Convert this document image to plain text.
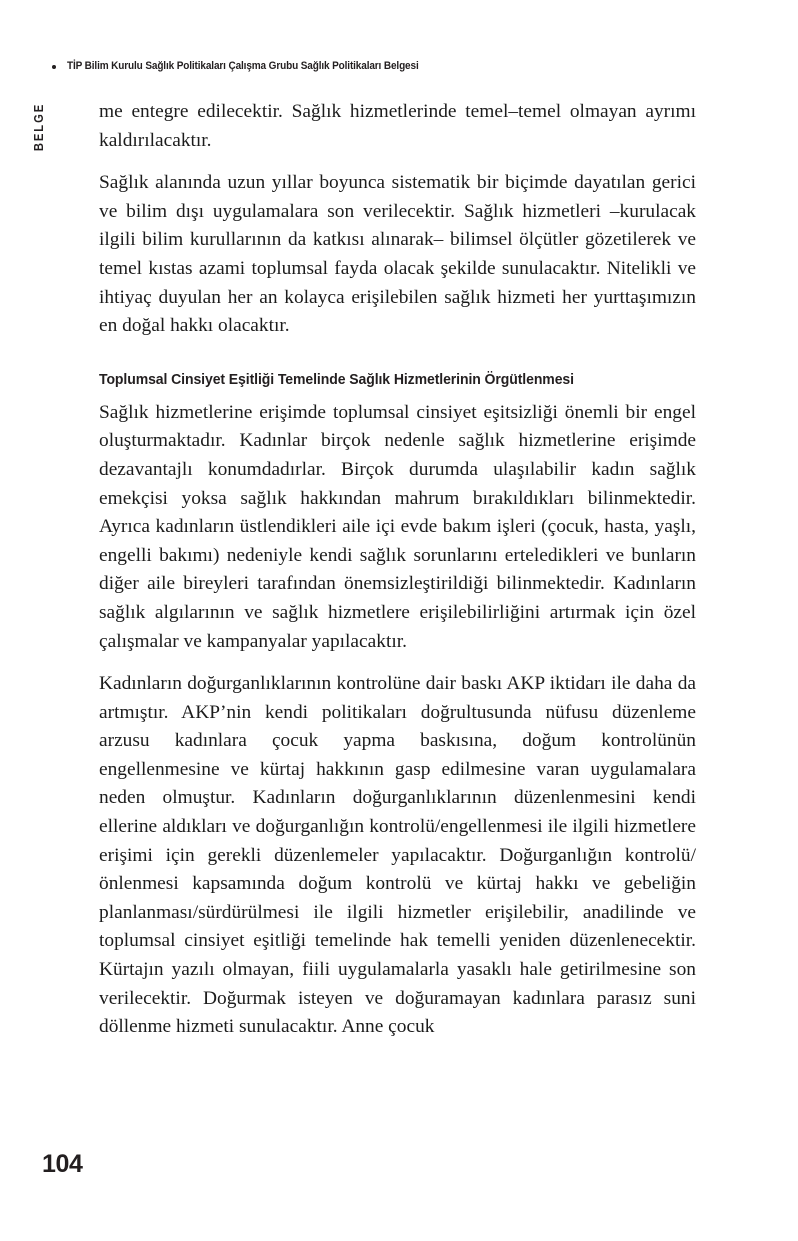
TİP Bilim Kurulu Sağlık Politikaları Çalışma Grubu Sağlık Politikaları Belgesi
BELGE	me entegre edilecektir. Sağlık hizmetlerinde temel–temel olmayan ayrımı kaldırılacaktır.

Sağlık alanında uzun yıllar boyunca sistematik bir biçimde dayatılan gerici ve bilim dışı uygulamalara son verilecektir. Sağlık hizmetleri –kurulacak ilgili bilim kurullarının da katkısı alınarak– bilimsel ölçütler gözetilerek ve temel kıstas azami toplumsal fayda olacak şekilde sunulacaktır. Nitelikli ve ihtiyaç duyulan her an kolayca erişilebilen sağlık hizmeti her yurttaşımızın en doğal hakkı olacaktır.

Toplumsal Cinsiyet Eşitliği Temelinde Sağlık Hizmetlerinin Örgütlenmesi

Sağlık hizmetlerine erişimde toplumsal cinsiyet eşitsizliği önemli bir engel oluşturmaktadır. Kadınlar birçok nedenle sağlık hizmetlerine erişimde dezavantajlı konumdadırlar. Birçok durumda ulaşılabilir kadın sağlık emekçisi yoksa sağlık hakkından mahrum bırakıldıkları bilinmektedir. Ayrıca kadınların üstlendikleri aile içi evde bakım işleri (çocuk, hasta, yaşlı, engelli bakımı) nedeniyle kendi sağlık sorunlarını erteledikleri ve bunların diğer aile bireyleri tarafından önemsizleştirildiği bilinmektedir. Kadınların sağlık algılarının ve sağlık hizmetlere erişilebilirliğini artırmak için özel çalışmalar ve kampanyalar yapılacaktır.

Kadınların doğurganlıklarının kontrolüne dair baskı AKP iktidarı ile daha da artmıştır. AKP’nin kendi politikaları doğrultusunda nüfusu düzenleme arzusu kadınlara çocuk yapma baskısına, doğum kontrolünün engellenmesine ve kürtaj hakkının gasp edilmesine varan uygulamalara neden olmuştur. Kadınların doğurganlıklarının düzenlenmesini kendi ellerine aldıkları ve doğurganlığın kontrolü/engellenmesi ile ilgili hizmetlere erişimi için gerekli düzenlemeler yapılacaktır. Doğurganlığın kontrolü/önlenmesi kapsamında doğum kontrolü ve kürtaj hakkı ve gebeliğin planlanması/sürdürülmesi ile ilgili hizmetler erişilebilir, anadilinde ve toplumsal cinsiyet eşitliği temelinde hak temelli yeniden düzenlenecektir. Kürtajın yazılı olmayan, fiili uygulamalarla yasaklı hale getirilmesine son verilecektir. Doğurmak isteyen ve doğuramayan kadınlara parasız suni döllenme hizmeti sunulacaktır. Anne çocuk

104
